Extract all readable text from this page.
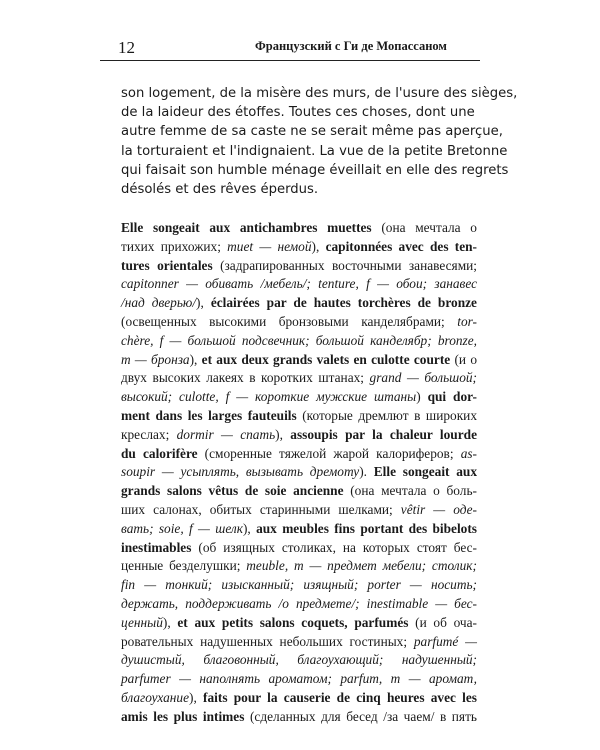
12	Французский с Ги де Мопассаном
son logement, de la misère des murs, de l'usure des sièges,
de la laideur des étoffes. Toutes ces choses, dont une
autre femme de sa caste ne se serait même pas aperçue,
la torturaient et l'indignaient. La vue de la petite Bretonne
qui faisait son humble ménage éveillait en elle des regrets
désolés et des rêves éperdus.
Elle songeait aux antichambres muettes (она мечтала о
тихих прихожих; muet — немой), capitonnées avec des ten-
tures orientales (задрапированных восточными занавесями;
capitonner — обивать /мебель/; tenture, f — обои; занавес
/над дверью/), éclairées par de hautes torchères de bronze
(освещенных высокими бронзовыми канделябрами; tor-
chère, f — большой подсвечник; большой канделябр; bronze,
m — бронза), et aux deux grands valets en culotte courte (и о
двух высоких лакеях в коротких штанах; grand — большой;
высокий; culotte, f — короткие мужские штаны) qui dor-
ment dans les larges fauteuils (которые дремлют в широких
креслах; dormir — спать), assoupis par la chaleur lourde
du calorifère (сморенные тяжелой жарой калориферов; as-
soupir — усыплять, вызывать дремоту). Elle songeait aux
grands salons vêtus de soie ancienne (она мечтала о боль-
ших салонах, обитых старинными шелками; vêtir — оде-
вать; soie, f — шелк), aux meubles fins portant des bibelots
inestimables (об изящных столиках, на которых стоят бес-
ценные безделушки; meuble, m — предмет мебели; столик;
fin — тонкий; изысканный; изящный; porter — носить;
держать, поддерживать /о предмете/; inestimable — бес-
ценный), et aux petits salons coquets, parfumés (и об оча-
ровательных надушенных небольших гостиных; parfumé —
душистый, благовонный, благоухающий; надушенный;
parfumer — наполнять ароматом; parfum, m — аромат,
благоухание), faits pour la causerie de cinq heures avec les
amis les plus intimes (сделанных для бесед /за чаем/ в пять
